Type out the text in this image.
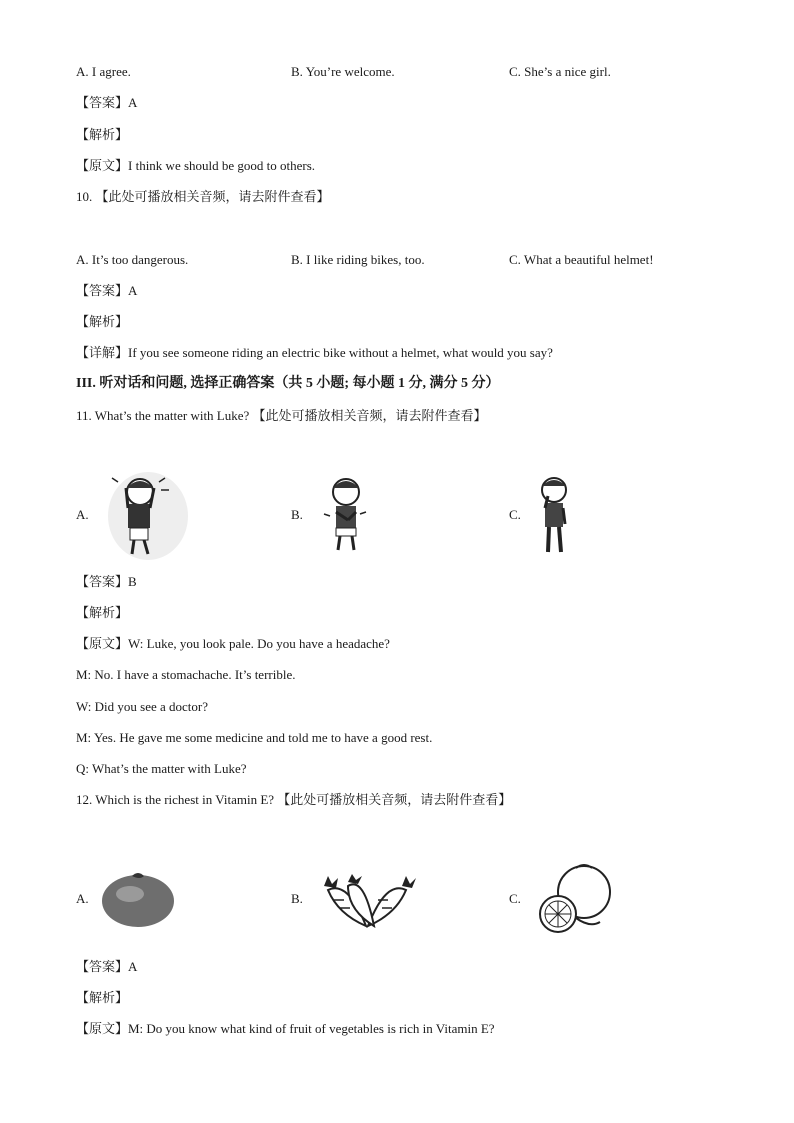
A. I agree.	B. You’re welcome.	C. She’s a nice girl.
【答案】A
【解析】
【原文】I think we should be good to others.
10. 【此处可播放相关音频，请去附件查看】
A. It’s too dangerous.	B. I like riding bikes, too.	C. What a beautiful helmet!
【答案】A
【解析】
【详解】If you see someone riding an electric bike without a helmet, what would you say?
III. 听对话和问题, 选择正确答案（共 5 小题; 每小题 1 分, 满分 5 分）
11. What’s the matter with Luke? 【此处可播放相关音频，请去附件查看】
A.	B.	C.
【答案】B
【解析】
【原文】W: Luke, you look pale. Do you have a headache?
M: No. I have a stomachache. It’s terrible.
W: Did you see a doctor?
M: Yes. He gave me some medicine and told me to have a good rest.
Q: What’s the matter with Luke?
12. Which is the richest in Vitamin E? 【此处可播放相关音频，请去附件查看】
A.	B.	C.
【答案】A
【解析】
【原文】M: Do you know what kind of fruit of vegetables is rich in Vitamin E?
